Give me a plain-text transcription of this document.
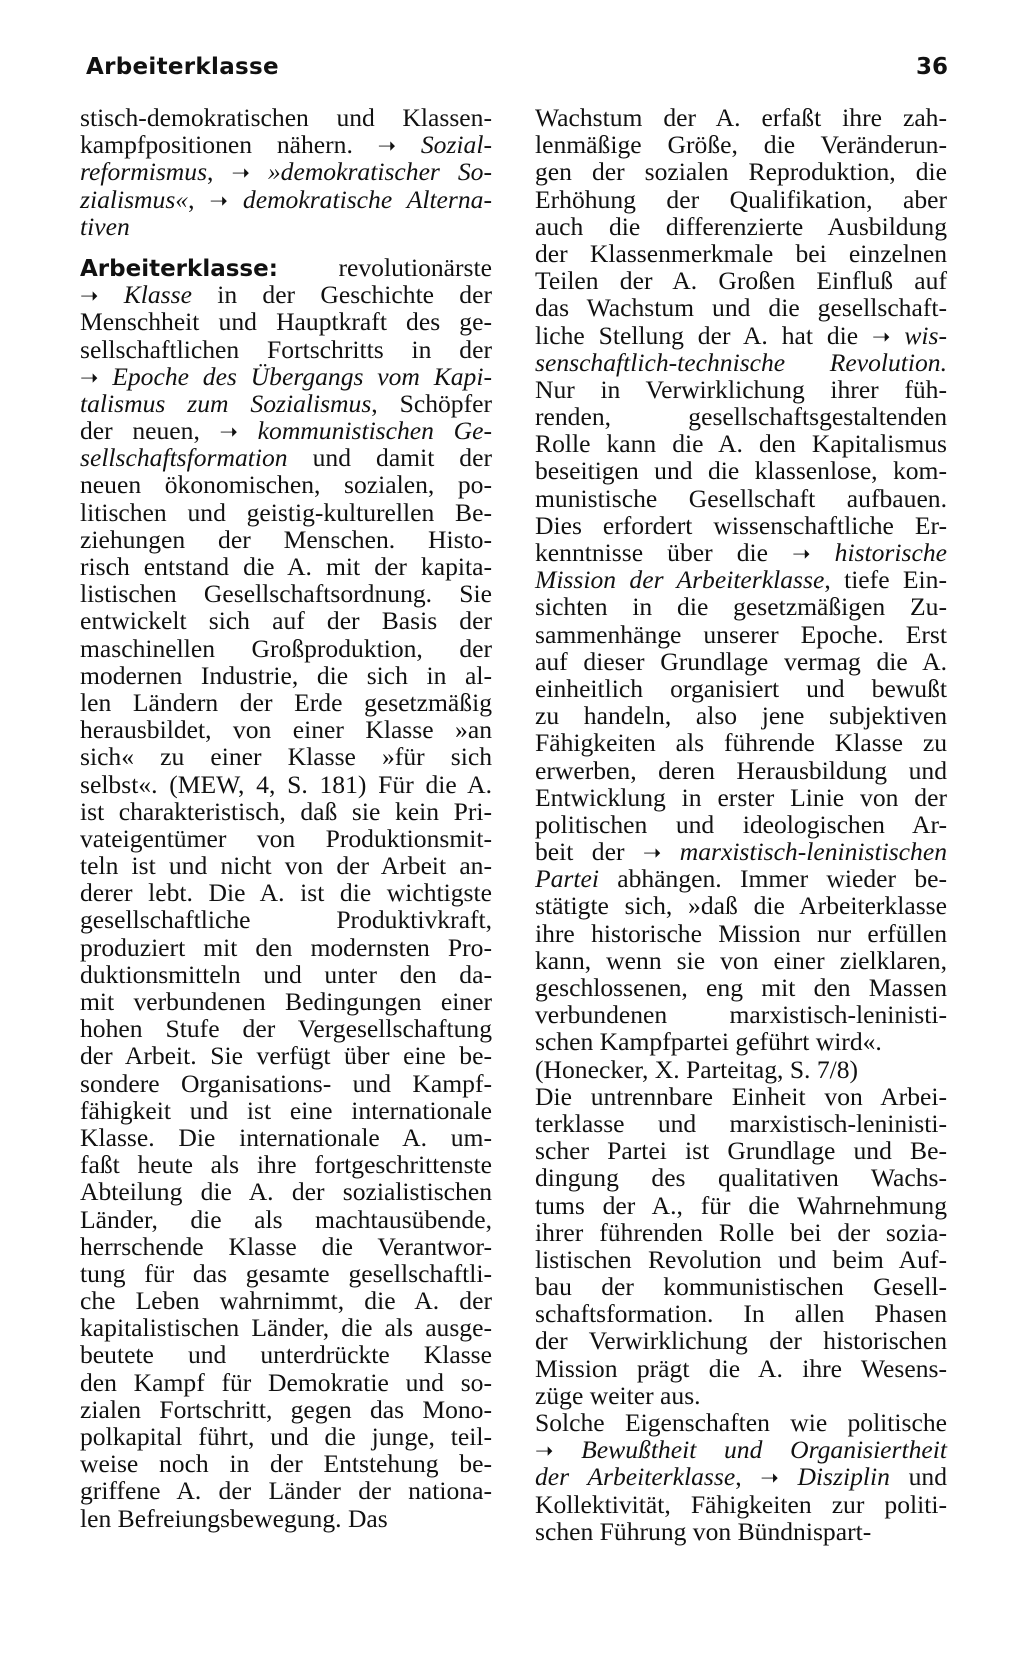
Arbeiterklasse	36
stisch-demokratischen und Klassen-
kampfpositionen nähern. ➝ Sozial-
reformismus, ➝ »demokratischer So-
zialismus«, ➝ demokratische Alterna-
tiven
Arbeiterklasse: revolutionärste
➝ Klasse in der Geschichte der
Menschheit und Hauptkraft des ge-
sellschaftlichen Fortschritts in der
➝ Epoche des Übergangs vom Kapi-
talismus zum Sozialismus, Schöpfer
der neuen, ➝ kommunistischen Ge-
sellschaftsformation und damit der
neuen ökonomischen, sozialen, po-
litischen und geistig-kulturellen Be-
ziehungen der Menschen. Histo-
risch entstand die A. mit der kapita-
listischen Gesellschaftsordnung. Sie
entwickelt sich auf der Basis der
maschinellen Großproduktion, der
modernen Industrie, die sich in al-
len Ländern der Erde gesetzmäßig
herausbildet, von einer Klasse »an
sich« zu einer Klasse »für sich
selbst«. (MEW, 4, S. 181) Für die A.
ist charakteristisch, daß sie kein Pri-
vateigentümer von Produktionsmit-
teln ist und nicht von der Arbeit an-
derer lebt. Die A. ist die wichtigste
gesellschaftliche Produktivkraft,
produziert mit den modernsten Pro-
duktionsmitteln und unter den da-
mit verbundenen Bedingungen einer
hohen Stufe der Vergesellschaftung
der Arbeit. Sie verfügt über eine be-
sondere Organisations- und Kampf-
fähigkeit und ist eine internationale
Klasse. Die internationale A. um-
faßt heute als ihre fortgeschrittenste
Abteilung die A. der sozialistischen
Länder, die als machtausübende,
herrschende Klasse die Verantwor-
tung für das gesamte gesellschaftli-
che Leben wahrnimmt, die A. der
kapitalistischen Länder, die als ausge-
beutete und unterdrückte Klasse
den Kampf für Demokratie und so-
zialen Fortschritt, gegen das Mono-
polkapital führt, und die junge, teil-
weise noch in der Entstehung be-
griffene A. der Länder der nationa-
len Befreiungsbewegung. Das
Wachstum der A. erfaßt ihre zah-
lenmäßige Größe, die Veränderun-
gen der sozialen Reproduktion, die
Erhöhung der Qualifikation, aber
auch die differenzierte Ausbildung
der Klassenmerkmale bei einzelnen
Teilen der A. Großen Einfluß auf
das Wachstum und die gesellschaft-
liche Stellung der A. hat die ➝ wis-
senschaftlich-technische Revolution.
Nur in Verwirklichung ihrer füh-
renden, gesellschaftsgestaltenden
Rolle kann die A. den Kapitalismus
beseitigen und die klassenlose, kom-
munistische Gesellschaft aufbauen.
Dies erfordert wissenschaftliche Er-
kenntnisse über die ➝ historische
Mission der Arbeiterklasse, tiefe Ein-
sichten in die gesetzmäßigen Zu-
sammenhänge unserer Epoche. Erst
auf dieser Grundlage vermag die A.
einheitlich organisiert und bewußt
zu handeln, also jene subjektiven
Fähigkeiten als führende Klasse zu
erwerben, deren Herausbildung und
Entwicklung in erster Linie von der
politischen und ideologischen Ar-
beit der ➝ marxistisch-leninistischen
Partei abhängen. Immer wieder be-
stätigte sich, »daß die Arbeiterklasse
ihre historische Mission nur erfüllen
kann, wenn sie von einer zielklaren,
geschlossenen, eng mit den Massen
verbundenen marxistisch-leninisti-
schen Kampfpartei geführt wird«.
(Honecker, X. Parteitag, S. 7/8)
Die untrennbare Einheit von Arbei-
terklasse und marxistisch-leninisti-
scher Partei ist Grundlage und Be-
dingung des qualitativen Wachs-
tums der A., für die Wahrnehmung
ihrer führenden Rolle bei der sozia-
listischen Revolution und beim Auf-
bau der kommunistischen Gesell-
schaftsformation. In allen Phasen
der Verwirklichung der historischen
Mission prägt die A. ihre Wesens-
züge weiter aus.
Solche Eigenschaften wie politische
➝ Bewußtheit und Organisiertheit
der Arbeiterklasse, ➝ Disziplin und
Kollektivität, Fähigkeiten zur politi-
schen Führung von Bündnispart-
